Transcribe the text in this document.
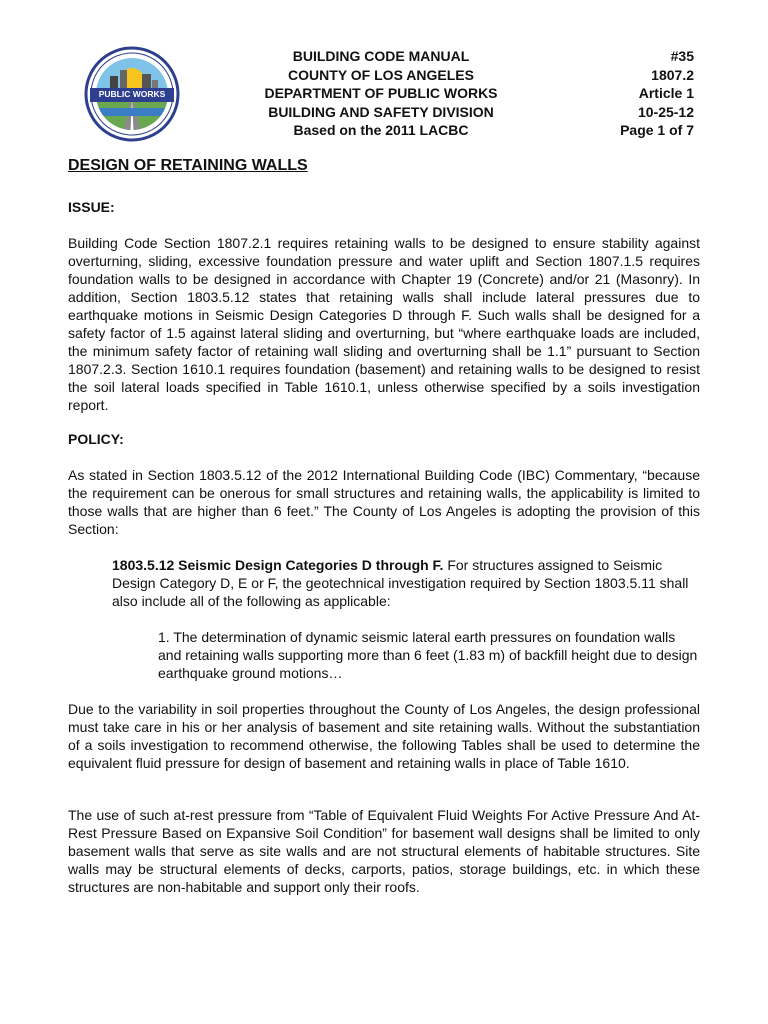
PUBLIC WORKS
BUILDING CODE MANUAL
COUNTY OF LOS ANGELES
DEPARTMENT OF PUBLIC WORKS
BUILDING AND SAFETY DIVISION
Based on the 2011 LACBC
#35
1807.2
Article 1
10-25-12
Page 1 of 7
DESIGN OF RETAINING WALLS
ISSUE:
Building Code Section 1807.2.1 requires retaining walls to be designed to ensure stability against overturning, sliding, excessive foundation pressure and water uplift and Section 1807.1.5 requires foundation walls to be designed in accordance with Chapter 19 (Concrete) and/or 21 (Masonry). In addition, Section 1803.5.12 states that retaining walls shall include lateral pressures due to earthquake motions in Seismic Design Categories D through F. Such walls shall be designed for a safety factor of 1.5 against lateral sliding and overturning, but “where earthquake loads are included, the minimum safety factor of retaining wall sliding and overturning shall be 1.1” pursuant to Section 1807.2.3. Section 1610.1 requires foundation (basement) and retaining walls to be designed to resist the soil lateral loads specified in Table 1610.1, unless otherwise specified by a soils investigation report.
POLICY:
As stated in Section 1803.5.12 of the 2012 International Building Code (IBC) Commentary, “because the requirement can be onerous for small structures and retaining walls, the applicability is limited to those walls that are higher than 6 feet.” The County of Los Angeles is adopting the provision of this Section:
1803.5.12 Seismic Design Categories D through F. For structures assigned to Seismic Design Category D, E or F, the geotechnical investigation required by Section 1803.5.11 shall also include all of the following as applicable:
1. The determination of dynamic seismic lateral earth pressures on foundation walls and retaining walls supporting more than 6 feet (1.83 m) of backfill height due to design earthquake ground motions…
Due to the variability in soil properties throughout the County of Los Angeles, the design professional must take care in his or her analysis of basement and site retaining walls. Without the substantiation of a soils investigation to recommend otherwise, the following Tables shall be used to determine the equivalent fluid pressure for design of basement and retaining walls in place of Table 1610.
The use of such at-rest pressure from “Table of Equivalent Fluid Weights For Active Pressure And At-Rest Pressure Based on Expansive Soil Condition” for basement wall designs shall be limited to only basement walls that serve as site walls and are not structural elements of habitable structures. Site walls may be structural elements of decks, carports, patios, storage buildings, etc. in which these structures are non-habitable and support only their roofs.
